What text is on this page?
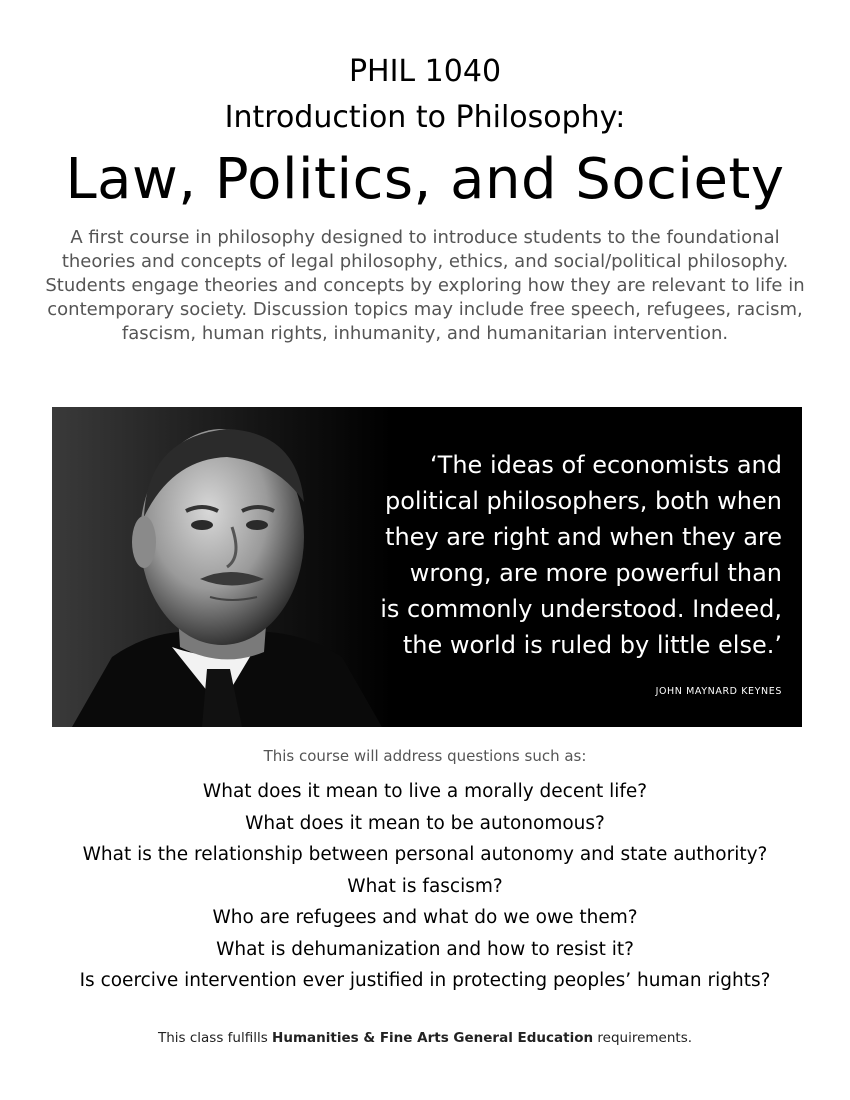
PHIL 1040
Introduction to Philosophy:
Law, Politics, and Society
A first course in philosophy designed to introduce students to the foundational theories and concepts of legal philosophy, ethics, and social/political philosophy. Students engage theories and concepts by exploring how they are relevant to life in contemporary society. Discussion topics may include free speech, refugees, racism, fascism, human rights, inhumanity, and humanitarian intervention.
‘The ideas of economists and
political philosophers, both when
they are right and when they are
wrong, are more powerful than
is commonly understood. Indeed,
the world is ruled by little else.’
JOHN MAYNARD KEYNES
This course will address questions such as:
What does it mean to live a morally decent life?
What does it mean to be autonomous?
What is the relationship between personal autonomy and state authority?
What is fascism?
Who are refugees and what do we owe them?
What is dehumanization and how to resist it?
Is coercive intervention ever justified in protecting peoples’ human rights?
This class fulfills Humanities & Fine Arts General Education requirements.
